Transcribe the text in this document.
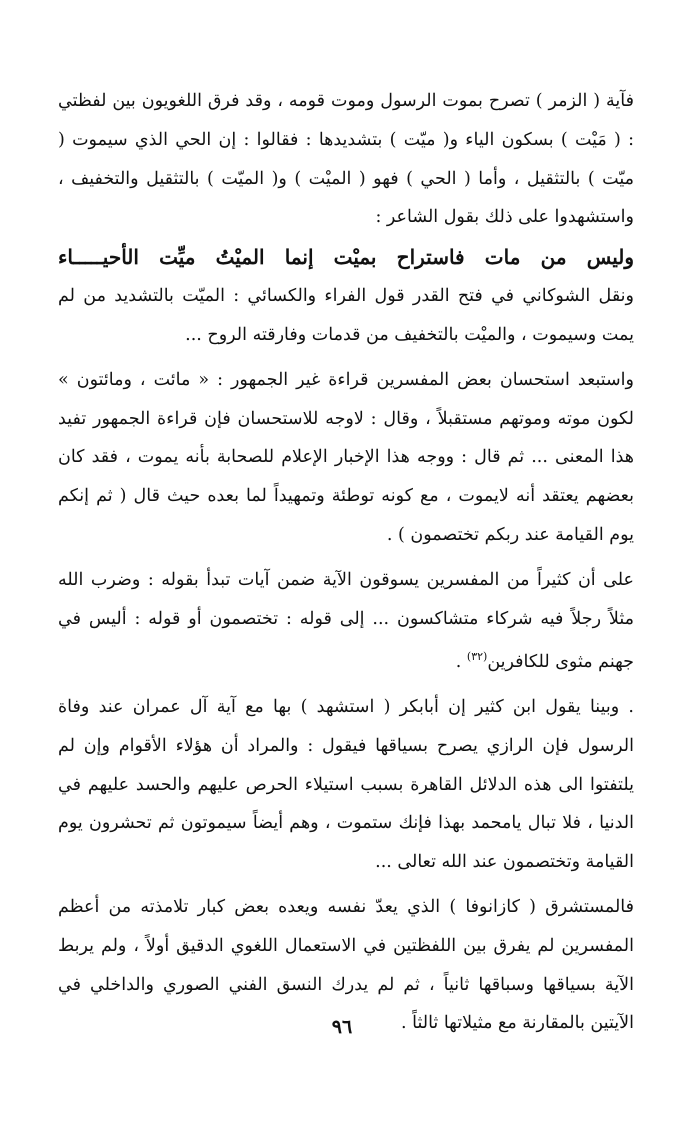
فآية ( الزمر ) تصرح بموت الرسول وموت قومه ، وقد فرق اللغويون بين لفظتي : ( مَيْت ) بسكون الياء و( ميّت ) بتشديدها : فقالوا : إن الحي الذي سيموت ( ميّت ) بالتثقيل ، وأما ( الحي ) فهو ( الميْت ) و( الميّت ) بالتثقيل والتخفيف ، واستشهدوا على ذلك بقول الشاعر :

وليس من مات فاستراح بميْت إنما الميْتُ ميِّت الأحيـــــاء

ونقل الشوكاني في فتح القدر قول الفراء والكسائي : الميّت بالتشديد من لم يمت وسيموت ، والميْت بالتخفيف من قدمات وفارقته الروح ...

واستبعد استحسان بعض المفسرين قراءة غير الجمهور : « مائت ، ومائتون » لكون موته وموتهم مستقبلاً ، وقال : لاوجه للاستحسان فإن قراءة الجمهور تفيد هذا المعنى ... ثم قال : ووجه هذا الإخبار الإعلام للصحابة بأنه يموت ، فقد كان بعضهم يعتقد أنه لايموت ، مع كونه توطئة وتمهيداً لما بعده حيث قال ( ثم إنكم يوم القيامة عند ربكم تختصمون ) .

على أن كثيراً من المفسرين يسوقون الآية ضمن آيات تبدأ بقوله : وضرب الله مثلاً رجلاً فيه شركاء متشاكسون ... إلى قوله : تختصمون أو قوله : أليس في جهنم مثوى للكافرين$^{(٣٢)}$ .

. وبينا يقول ابن كثير إن أبابكر ( استشهد ) بها مع آية آل عمران عند وفاة الرسول فإن الرازي يصرح بسياقها فيقول : والمراد أن هؤلاء الأقوام وإن لم يلتفتوا الى هذه الدلائل القاهرة بسبب استيلاء الحرص عليهم والحسد عليهم في الدنيا ، فلا تبال يامحمد بهذا فإنك ستموت ، وهم أيضاً سيموتون ثم تحشرون يوم القيامة وتختصمون عند الله تعالى ...

فالمستشرق ( كازانوفا ) الذي يعدّ نفسه ويعده بعض كبار تلامذته من أعظم المفسرين لم يفرق بين اللفظتين في الاستعمال اللغوي الدقيق أولاً ، ولم يربط الآية بسياقها وسباقها ثانياً ، ثم لم يدرك النسق الفني الصوري والداخلي في الآيتين بالمقارنة مع مثيلاتها ثالثاً .

٩٦
